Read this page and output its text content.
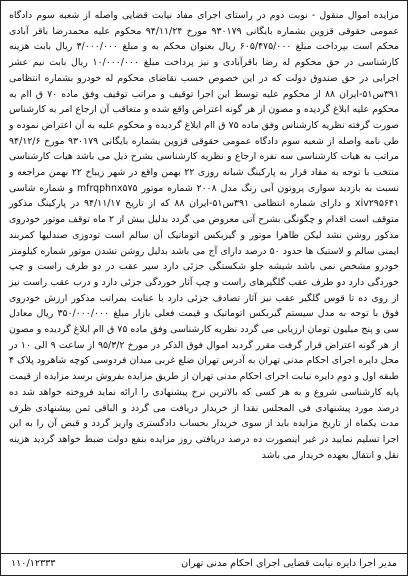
مزایده اموال منقول - نوبت دوم در راستای اجرای مفاد نیابت قضایی واصله از شعبه سوم دادگاه عمومی حقوقی قزوین بشماره بایگانی ۹۳۰۱۷۹ مورخ ۹۴/۱۱/۲۴ محکوم علیه محمدرضا باقر آبادی محکم است بپرداخت مبلغ ۶۰۵/۴۷۵/۰۰۰ ریال بعنوان محکم به و مبلغ ۳/۰۰۰/۰۰۰ ریال بابت هزینه کارشناسی در حق محکوم له رضا باقرآبادی و نیز پرداخت مبلغ ۱۰/۰۰۰/۰۰۰ ریال بابت نیم عشر اجرایی در حق صندوق دولت که در این خصوص حسب تقاضای محکوم له خودرو بشماره انتظامی ۳۹۱س۵۱-ایران ۸۸ از محکوم علیه توسط این اجرا توقیف و مراتب توقیف وفق ماده ۷۰ ق اام به محکوم علیه ابلاغ گردیده و مصون از هر گونه اعتراض واقع شده و متعاقب آن ارجاع امر به کارشناس صورت گرفته نظریه کارشناس وفق ماده ۷۵ ق اام ابلاغ گردیده و محکوم علیه به آن اعتراض نموده و طی نامه واصله از شعبه سوم دادگاه عمومی حقوقی قزوین بشماره بایگانی ۹۳۰۱۷۹ مورخ ۹۴/۱۲/۶ مراتب به هیات کارشناسی سه نفره ارجاع و نظریه کارشناسی بشرح ذیل می باشد هیات کارشناسی منتخب با توجه به مفاد قرار به پارکینگ شبانه روزی ۲۲ بهمن واقع در شهر زیباخ ۲۲ بهمن مراجعه و نسبت به بازدید سواری پروتون آبی رنگ مدل ۲۰۰۸ شماره موتور mfrqphnx۵۷۵ و شماره شاسی xiv۲۹۵۶۴۱ و دارای شماره انتظامی ۳۹۱س۵۱-ایران ۸۸ که از تاریخ ۹۴/۱۱/۱۷ در پارکینگ مذکور متوقف است اقدام و چگونگی بشرح آتی معروض می گردد بدلیل بیش از ۲ ماه توقف موتور خودروی مذکور روشن نشد لیکن ظاهرا موتور و گیربکس اتوماتیک آن سالم است تودوزی صندلیها کمربند ایمنی سالم و لاستیک ها حدود ۵۰ درصد دارای آج می باشد بدلیل روشن نشدن موتور شماره کیلومتر خودرو مشخص نمی باشد شیشه جلو شکستگی جزئی دارد سپر عقب در دو طرف راست و چپ خوردگی دارد دو طرف عقب گلگیرهای راست و چپ آثار خوردگی جزئی دارد و درب عقب راست نیز از روی ده تا قوس گلگیر عقب نیز آثار تصادف جزئی دارد با عنایت بمراتب مذکور ارزش خودروی فوق با توجه به مدل سیستم گیربکس اتوماتیک و قیمت فعلی بازار مبلغ ۳۵۰/۰۰۰/۰۰۰ ریال معادل سی و پنج میلیون تومان ارزیابی می گردد نظریه کارشناسی وفق ماده ۷۵ ق اام ابلاغ گردیده و مصون از هر گونه اعتراض قرار گرفت مقرر گردید اموال فوق الذکر در مورخ ۹۵/۳/۲ از ساعت ۹ الی ۱۰ در محل دایره اجرای احکام مدنی تهران به آدرس تهران ضلع غربی میدان فردوسی کوچه شاهرود پلاک ۴ طبقه اول و دوم دایره نیابت اجرای احکام مدنی تهران از طریق مزایده بفروش برسد مزایده از قیمت پایه کارشناسی شروع و به هر کسی که بالاترین نرخ پیشنهادی را ارائه نماید فروخته خواهد شد ده درصد مورد پیشنهادی فی المجلس نقدا از خریدار دریافت می گردد و الباقی ثمن پیشنهادی ظرف مدت یکماه از تاریخ مزایده باید از سوی خریدار بحساب دادگستری واریز گردد و قبض آن را به این اجرا تسلیم نمایید در غیر اینصورت ده درصد دریافتی روز مزایده بنفع دولت ضبط خواهد گردید هزینه نقل و انتقال بعهده خریدار می باشد

مدیر اجرا دایره نیابت قضایی اجرای احکام مدنی تهران
۱۱۰/۱۲۳۳۳
